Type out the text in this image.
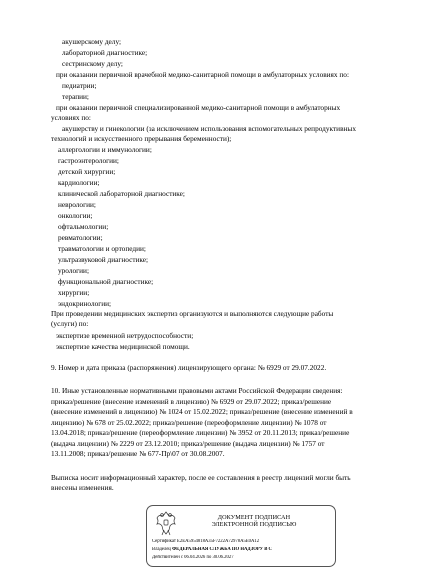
акушерскому делу;
лабораторной диагностике;
сестринскому делу;
при оказании первичной врачебной медико-санитарной помощи в амбулаторных условиях по:
педиатрии;
терапии;
при оказании первичной специализированной медико-санитарной помощи в амбулаторных
условиях по:
акушерству и гинекологии (за исключением использования вспомогательных репродуктивных
технологий и искусственного прерывания беременности);
аллергологии и иммунологии;
гастроэнтерологии;
детской хирургии;
кардиологии;
клинической лабораторной диагностике;
неврологии;
онкологии;
офтальмологии;
ревматологии;
травматологии и ортопедии;
ультразвуковой диагностике;
урологии;
функциональной диагностике;
хирургии;
эндокринологии;
При проведении медицинских экспертиз организуются и выполняются следующие работы
(услуги) по:
экспертизе временной нетрудоспособности;
экспертизе качества медицинской помощи.
9. Номер и дата приказа (распоряжения) лицензирующего органа: № 6929 от 29.07.2022.
10. Иные установленные нормативными правовыми актами Российской Федерации сведения:
приказ/решение (внесение изменений в лицензию) № 6929 от 29.07.2022; приказ/решение
(внесение изменений в лицензию) № 1024 от 15.02.2022; приказ/решение (внесение изменений в
лицензию) № 678 от 25.02.2022; приказ/решение (переоформление лицензии) № 1078 от
13.04.2018; приказ/решение (переоформление лицензии) № 3952 от 20.11.2013; приказ/решение
(выдача лицензии) № 2229 от 23.12.2010; приказ/решение (выдача лицензии) № 1757 от
13.11.2008; приказ/решение № 677-Пр\07 от 30.08.2007.
Выписка носит информационный характер, после ее составления в реестр лицензий могли быть
внесены изменения.
ДОКУМЕНТ ПОДПИСАН
ЭЛЕКТРОННОЙ ПОДПИСЬЮ
Сертификат E2EA5954818A35F7222A72978A5E0A12
Владелец ФЕДЕРАЛЬНАЯ СЛУЖБА ПО НАДЗОРУ В С
Действителен с 06.04.2026 по 30.06.2027
